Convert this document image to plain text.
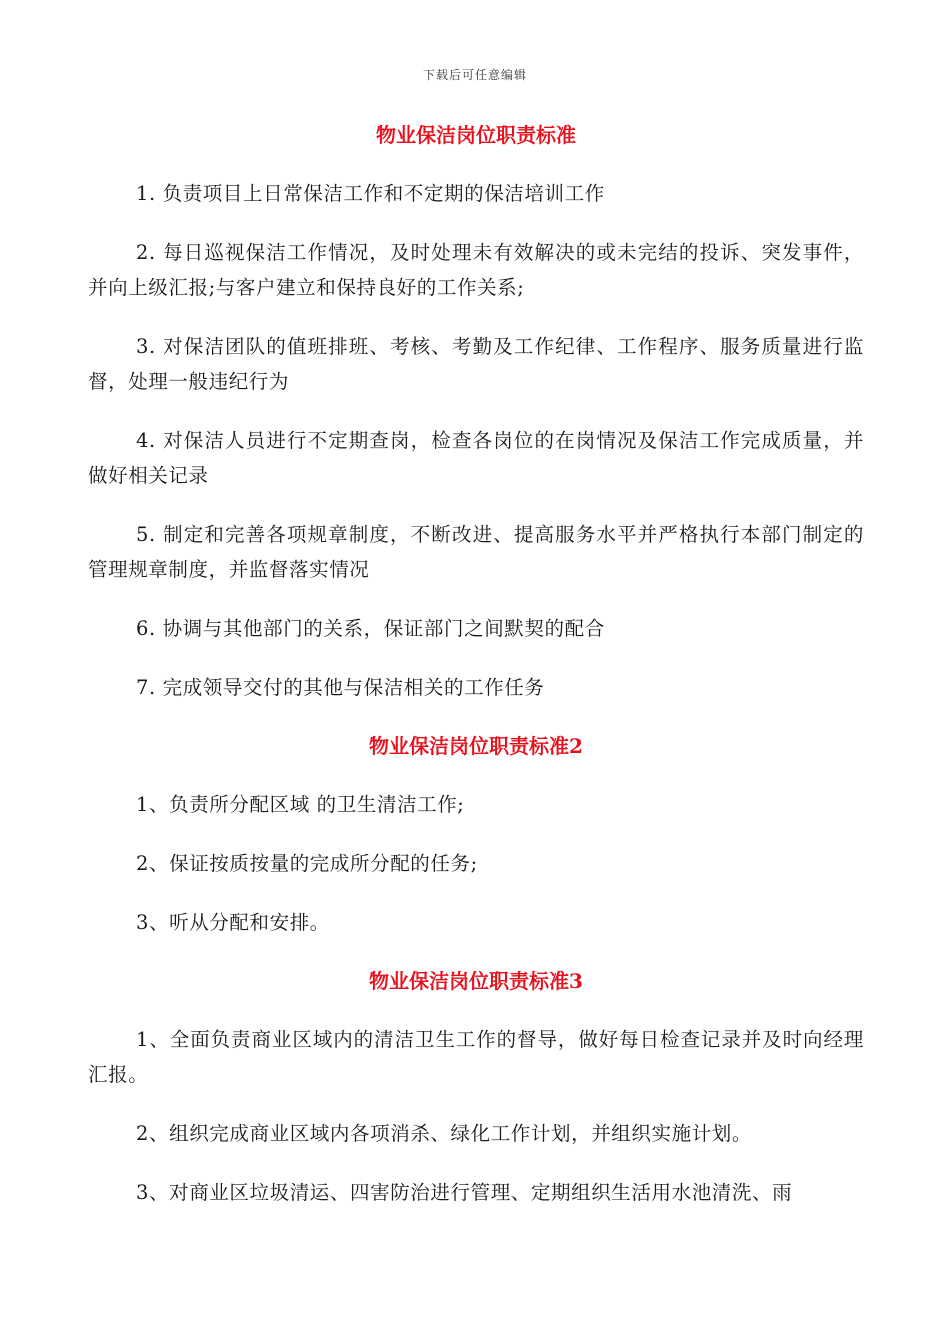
下载后可任意编辑
物业保洁岗位职责标准

1. 负责项目上日常保洁工作和不定期的保洁培训工作

2. 每日巡视保洁工作情况，及时处理未有效解决的或未完结的投诉、突发事件，并向上级汇报;与客户建立和保持良好的工作关系;

3. 对保洁团队的值班排班、考核、考勤及工作纪律、工作程序、服务质量进行监督，处理一般违纪行为

4. 对保洁人员进行不定期查岗，检查各岗位的在岗情况及保洁工作完成质量，并做好相关记录

5. 制定和完善各项规章制度，不断改进、提高服务水平并严格执行本部门制定的管理规章制度，并监督落实情况

6. 协调与其他部门的关系，保证部门之间默契的配合

7. 完成领导交付的其他与保洁相关的工作任务

物业保洁岗位职责标准2

1、负责所分配区域 的卫生清洁工作;

2、保证按质按量的完成所分配的任务;

3、听从分配和安排。

物业保洁岗位职责标准3

1、全面负责商业区域内的清洁卫生工作的督导，做好每日检查记录并及时向经理汇报。

2、组织完成商业区域内各项消杀、绿化工作计划，并组织实施计划。

3、对商业区垃圾清运、四害防治进行管理、定期组织生活用水池清洗、雨
